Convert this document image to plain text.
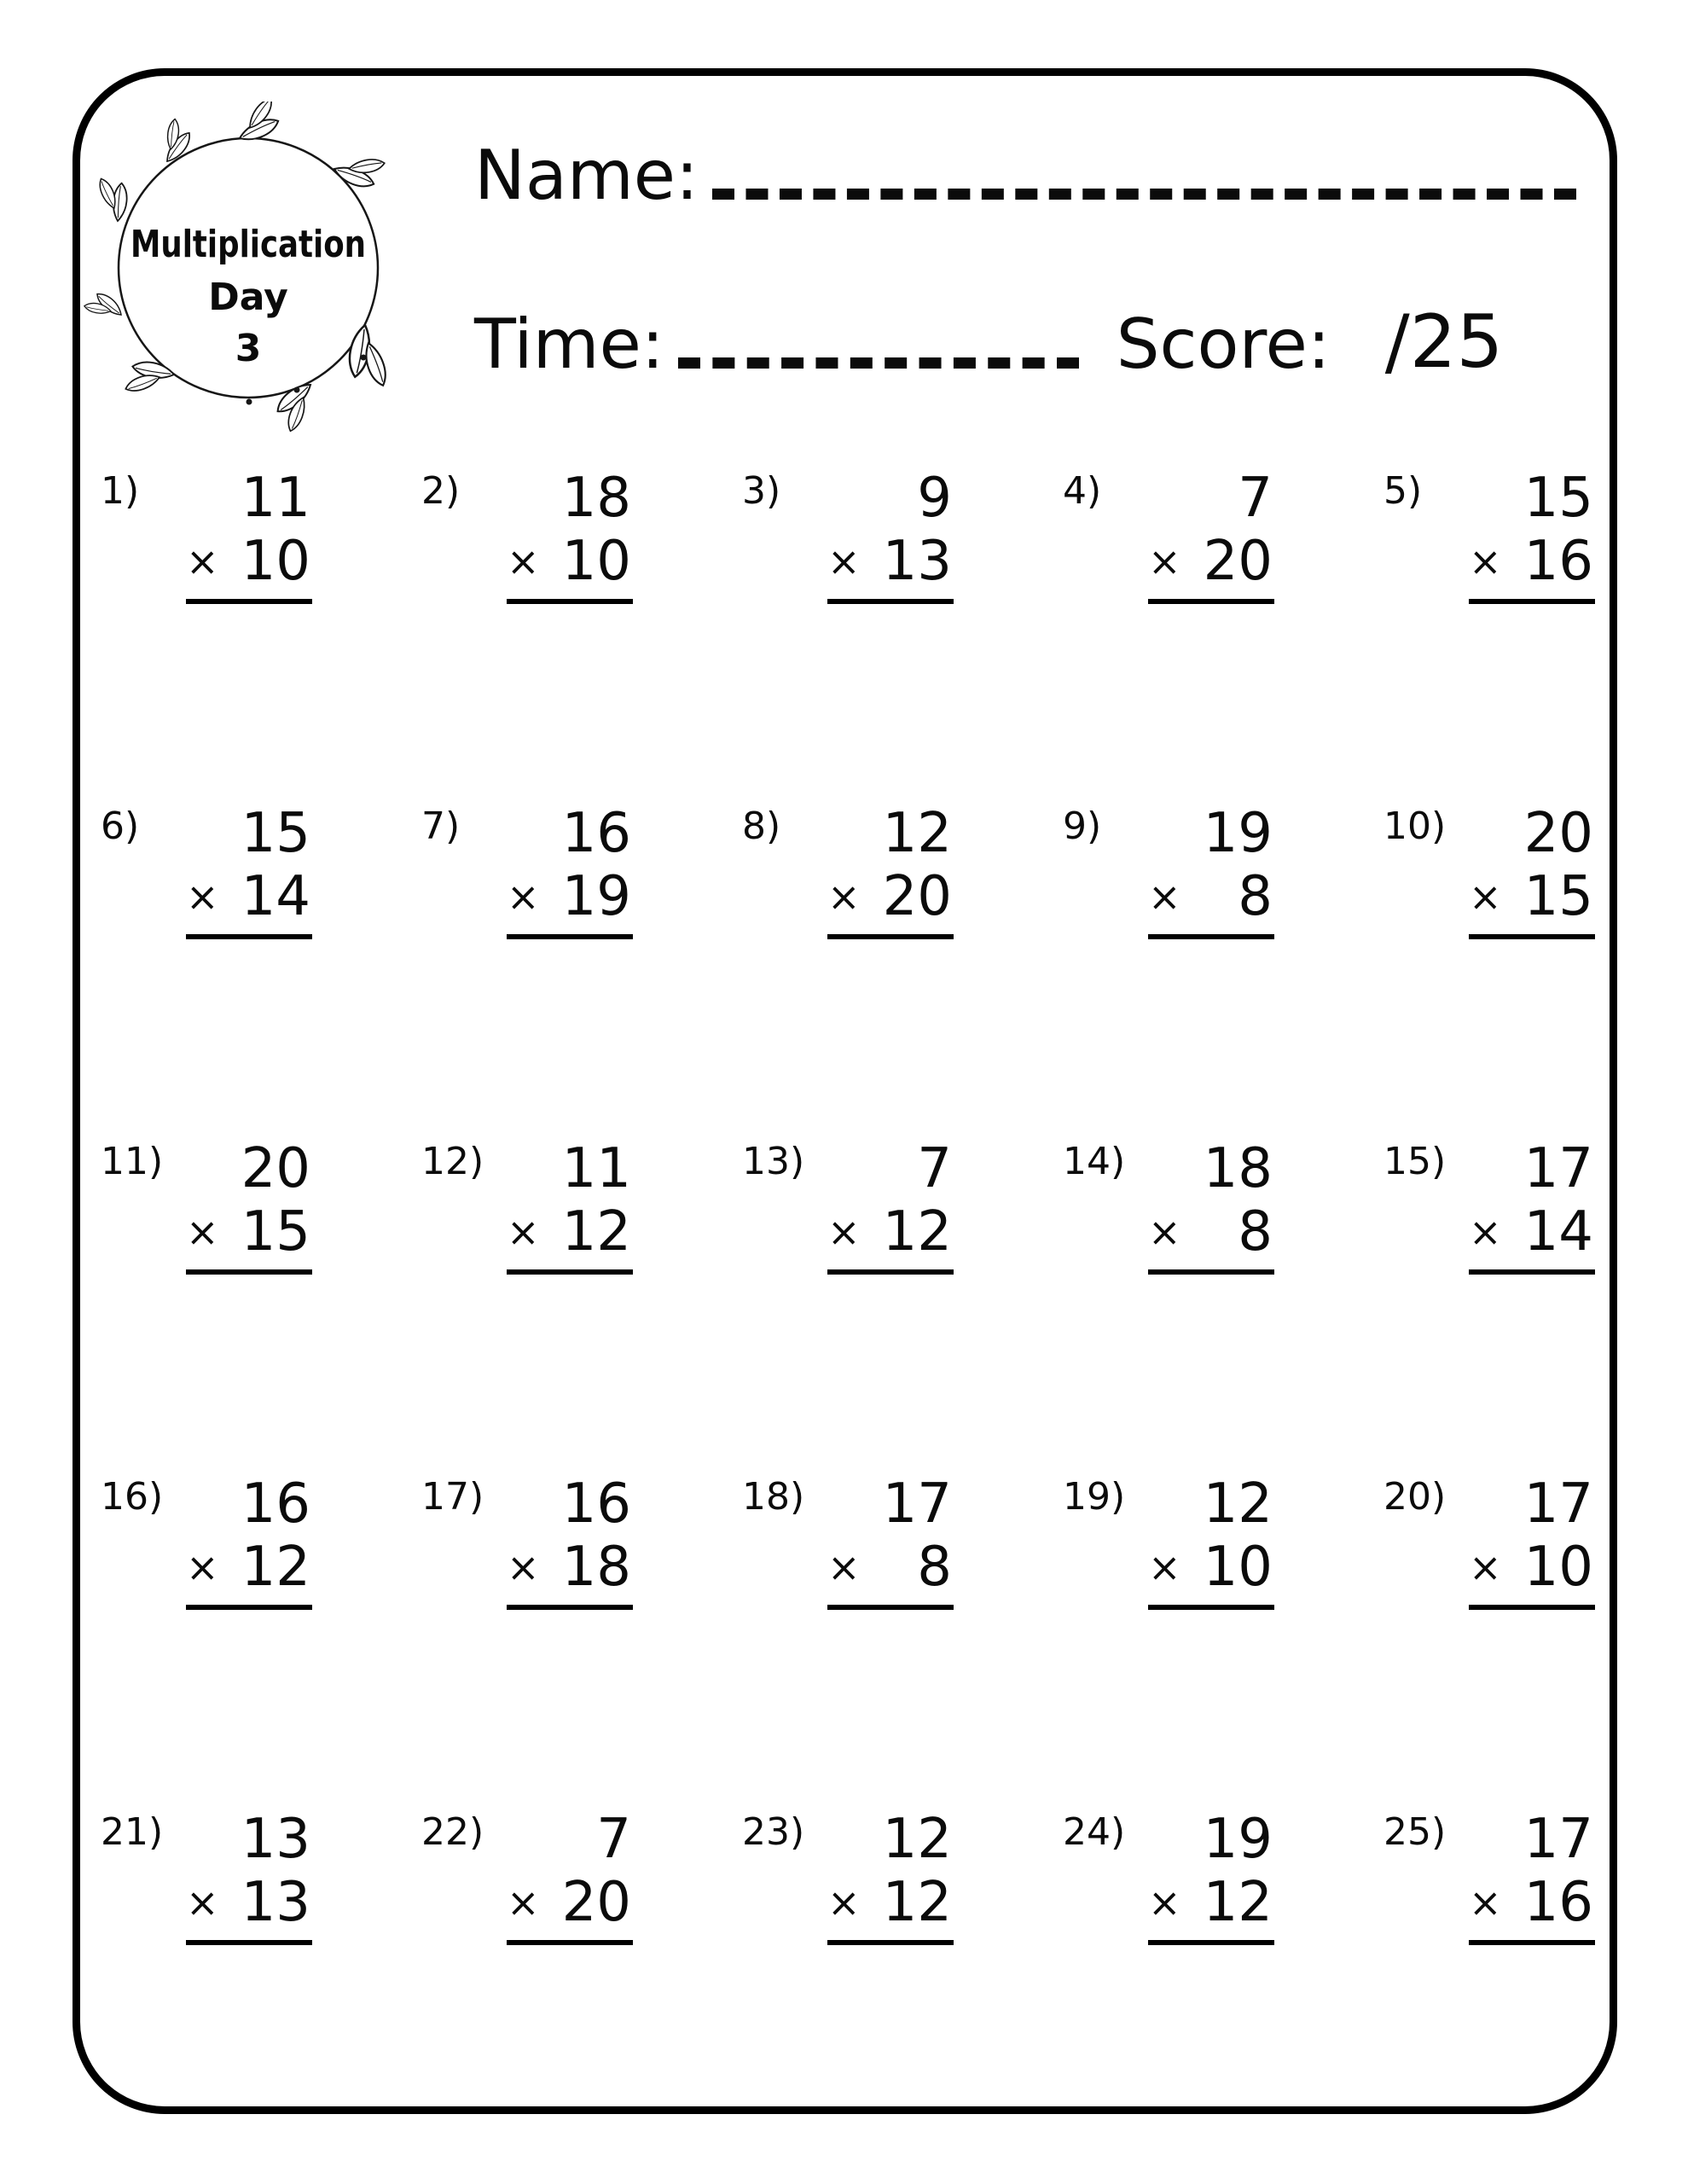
Multiplication
Day
3
Name:
Time:	Score: /25
1)	11
× 10
2)	18
× 10
3)	9
× 13
4)	7
× 20
5)	15
× 16
6)	15
× 14
7)	16
× 19
8)	12
× 20
9)	19
× 8
10)	20
× 15
11)	20
× 15
12)	11
× 12
13)	7
× 12
14)	18
× 8
15)	17
× 14
16)	16
× 12
17)	16
× 18
18)	17
× 8
19)	12
× 10
20)	17
× 10
21)	13
× 13
22)	7
× 20
23)	12
× 12
24)	19
× 12
25)	17
× 16
